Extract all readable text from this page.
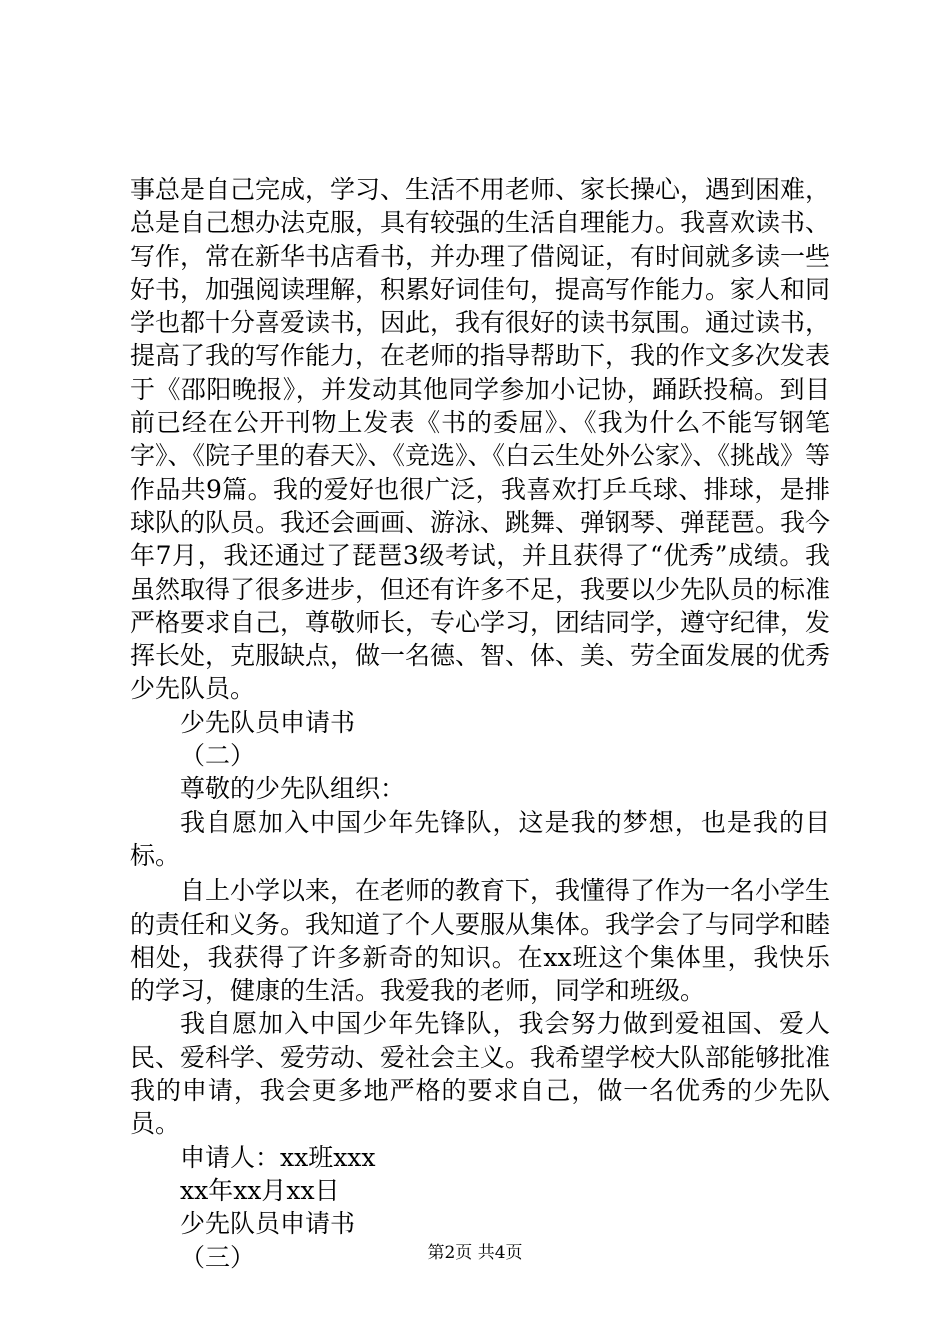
事总是自己完成，学习、生活不用老师、家长操心，遇到困难，总是自己想办法克服，具有较强的生活自理能力。我喜欢读书、写作，常在新华书店看书，并办理了借阅证，有时间就多读一些好书，加强阅读理解，积累好词佳句，提高写作能力。家人和同学也都十分喜爱读书，因此，我有很好的读书氛围。通过读书，提高了我的写作能力，在老师的指导帮助下，我的作文多次发表于《邵阳晚报》，并发动其他同学参加小记协，踊跃投稿。到目前已经在公开刊物上发表《书的委屈》、《我为什么不能写钢笔字》、《院子里的春天》、《竞选》、《白云生处外公家》、《挑战》等作品共9篇。我的爱好也很广泛，我喜欢打乒乓球、排球，是排球队的队员。我还会画画、游泳、跳舞、弹钢琴、弹琵琶。我今年7月，我还通过了琵琶3级考试，并且获得了“优秀”成绩。我虽然取得了很多进步，但还有许多不足，我要以少先队员的标准严格要求自己，尊敬师长，专心学习，团结同学，遵守纪律，发挥长处，克服缺点，做一名德、智、体、美、劳全面发展的优秀少先队员。

少先队员申请书

（二）

尊敬的少先队组织：

我自愿加入中国少年先锋队，这是我的梦想，也是我的目标。

自上小学以来，在老师的教育下，我懂得了作为一名小学生的责任和义务。我知道了个人要服从集体。我学会了与同学和睦相处，我获得了许多新奇的知识。在xx班这个集体里，我快乐的学习，健康的生活。我爱我的老师，同学和班级。

我自愿加入中国少年先锋队，我会努力做到爱祖国、爱人民、爱科学、爱劳动、爱社会主义。我希望学校大队部能够批准我的申请，我会更多地严格的要求自己，做一名优秀的少先队员。

申请人：xx班xxx

xx年xx月xx日

少先队员申请书

（三）	第2页 共4页
